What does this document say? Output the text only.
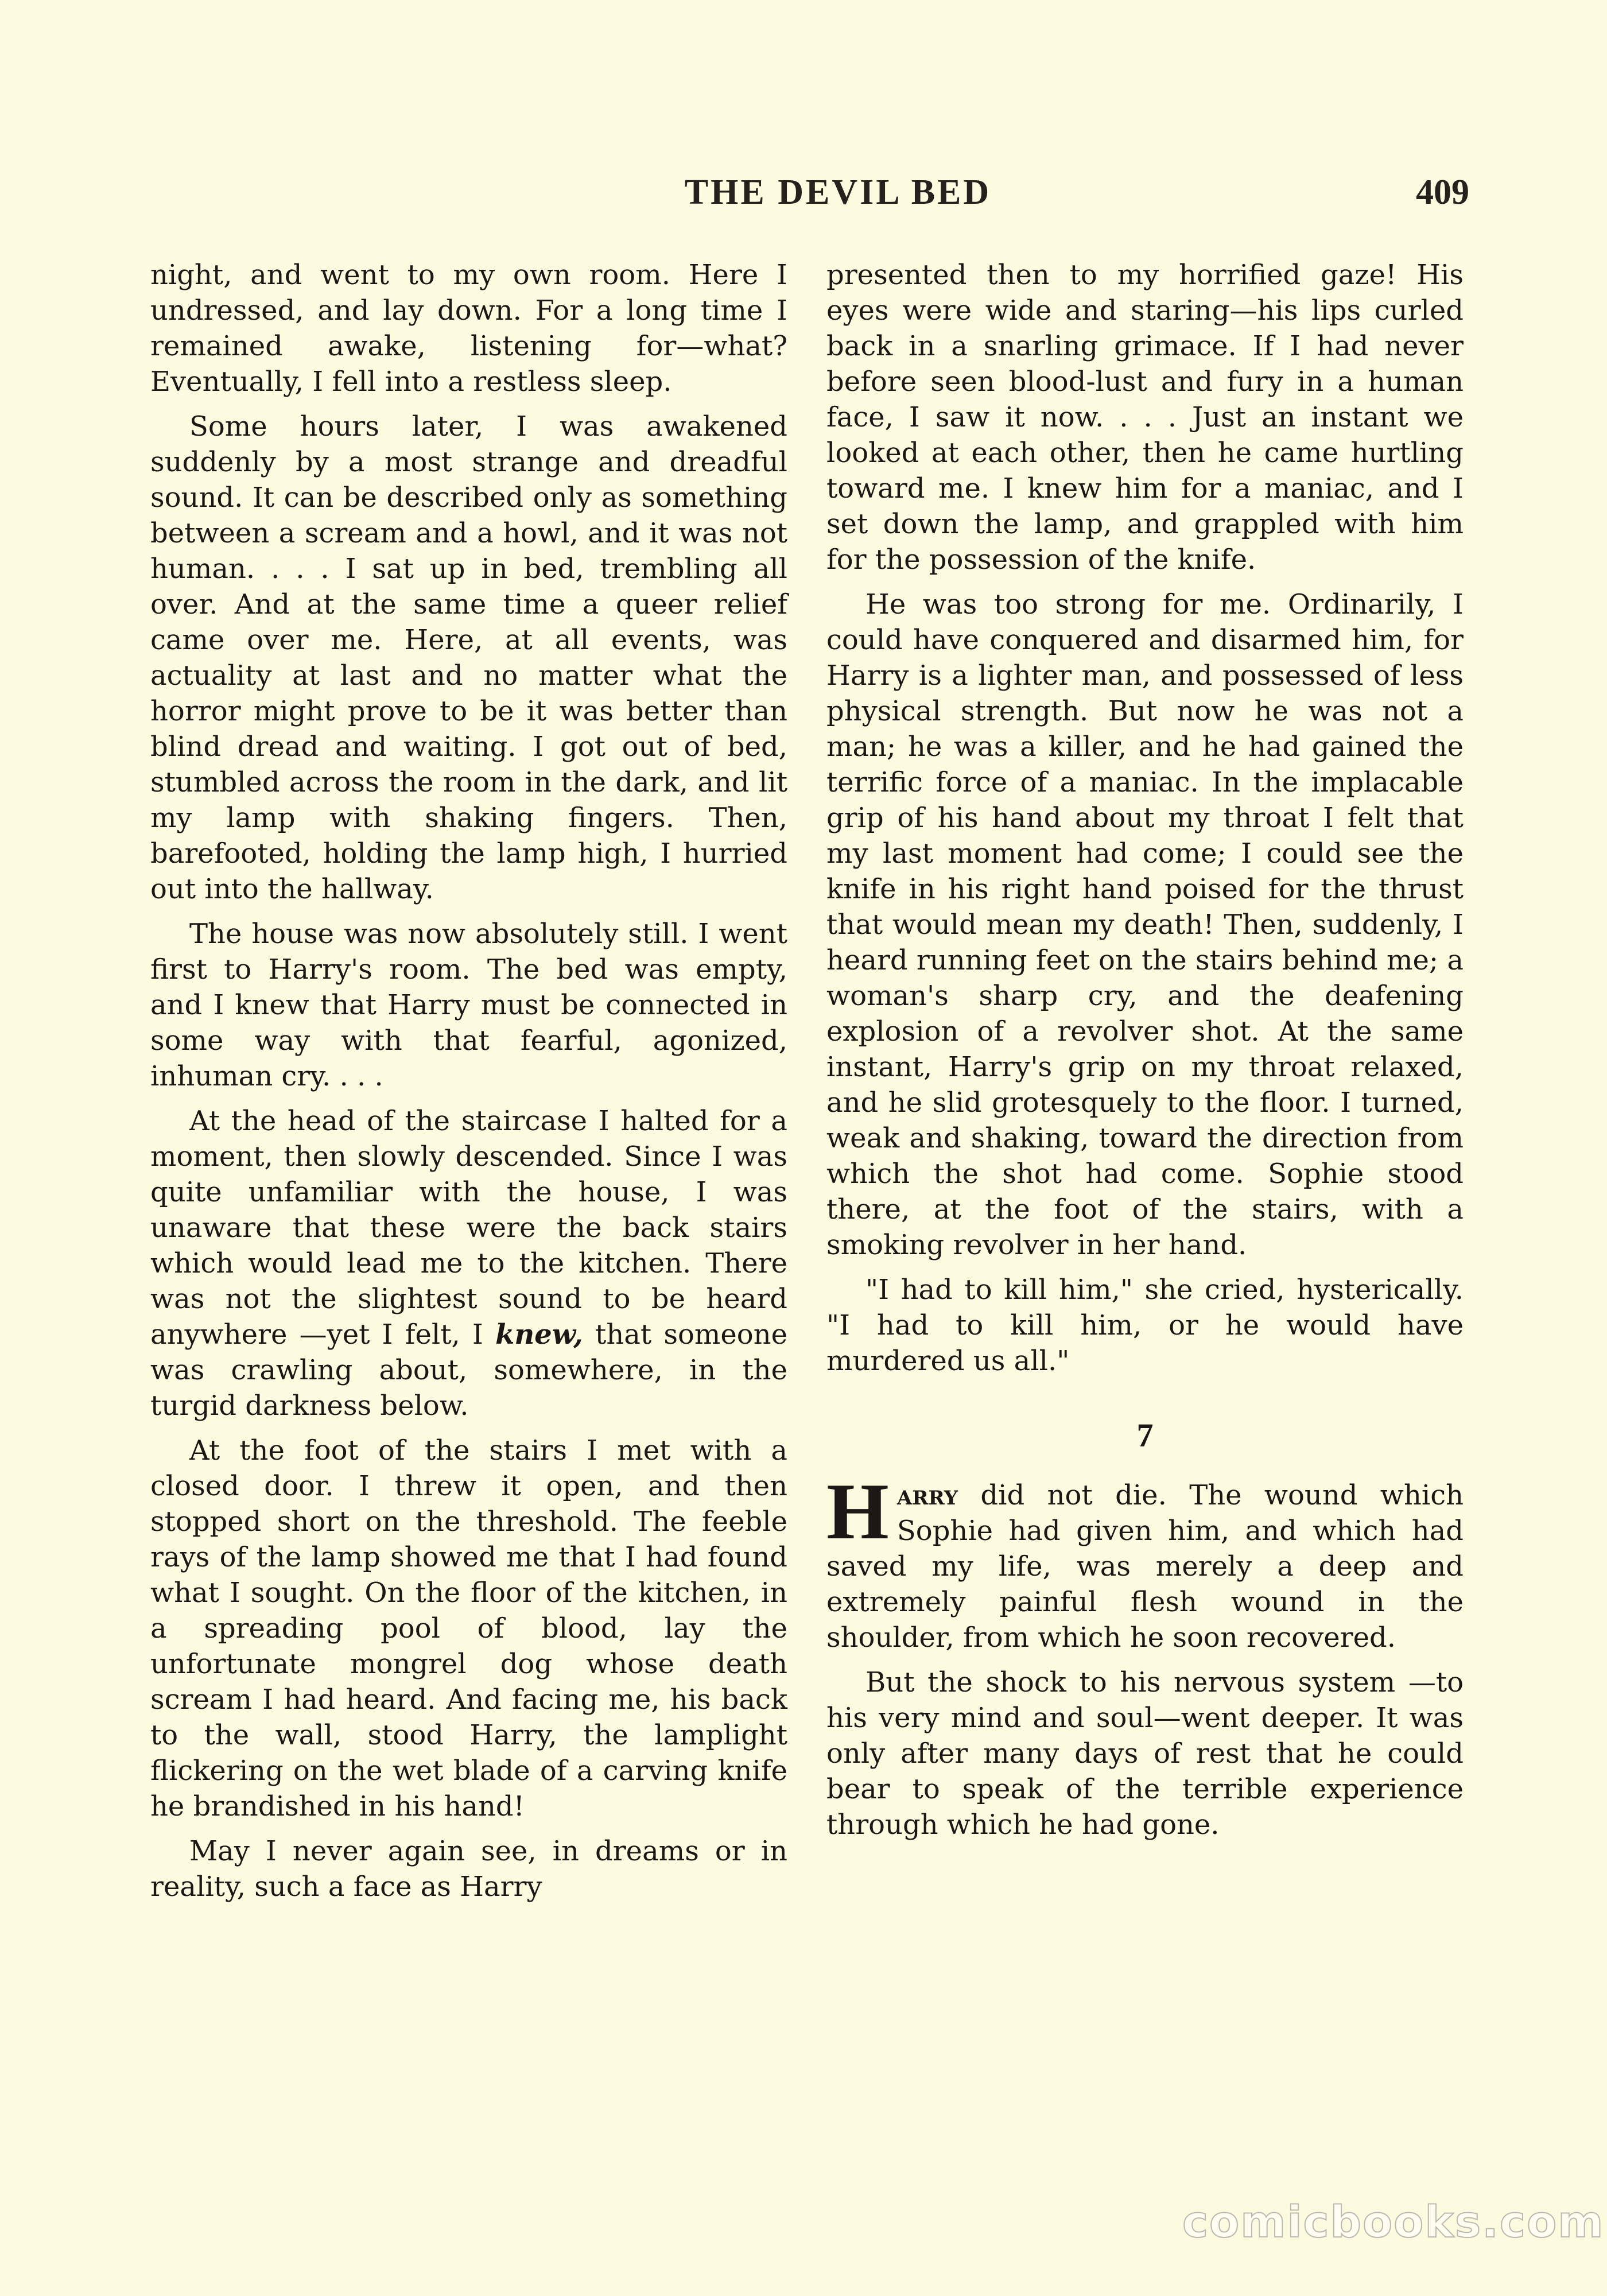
THE DEVIL BED	409

night, and went to my own room. Here I undressed, and lay down. For a long time I remained awake, listening for—what? Eventually, I fell into a restless sleep.

Some hours later, I was awakened suddenly by a most strange and dreadful sound. It can be described only as something between a scream and a howl, and it was not human. . . . I sat up in bed, trembling all over. And at the same time a queer relief came over me. Here, at all events, was actuality at last and no matter what the horror might prove to be it was better than blind dread and waiting. I got out of bed, stumbled across the room in the dark, and lit my lamp with shaking fingers. Then, barefooted, holding the lamp high, I hurried out into the hallway.

The house was now absolutely still. I went first to Harry's room. The bed was empty, and I knew that Harry must be connected in some way with that fearful, agonized, inhuman cry. . . .

At the head of the staircase I halted for a moment, then slowly descended. Since I was quite unfamiliar with the house, I was unaware that these were the back stairs which would lead me to the kitchen. There was not the slightest sound to be heard anywhere —yet I felt, I knew, that someone was crawling about, somewhere, in the turgid darkness below.

At the foot of the stairs I met with a closed door. I threw it open, and then stopped short on the threshold. The feeble rays of the lamp showed me that I had found what I sought. On the floor of the kitchen, in a spreading pool of blood, lay the unfortunate mongrel dog whose death scream I had heard. And facing me, his back to the wall, stood Harry, the lamplight flickering on the wet blade of a carving knife he brandished in his hand!

May I never again see, in dreams or in reality, such a face as Harry

presented then to my horrified gaze! His eyes were wide and staring—his lips curled back in a snarling grimace. If I had never before seen blood-lust and fury in a human face, I saw it now. . . . Just an instant we looked at each other, then he came hurtling toward me. I knew him for a maniac, and I set down the lamp, and grappled with him for the possession of the knife.

He was too strong for me. Ordinarily, I could have conquered and disarmed him, for Harry is a lighter man, and possessed of less physical strength. But now he was not a man; he was a killer, and he had gained the terrific force of a maniac. In the implacable grip of his hand about my throat I felt that my last moment had come; I could see the knife in his right hand poised for the thrust that would mean my death! Then, suddenly, I heard running feet on the stairs behind me; a woman's sharp cry, and the deafening explosion of a revolver shot. At the same instant, Harry's grip on my throat relaxed, and he slid grotesquely to the floor. I turned, weak and shaking, toward the direction from which the shot had come. Sophie stood there, at the foot of the stairs, with a smoking revolver in her hand.

"I had to kill him," she cried, hysterically. "I had to kill him, or he would have murdered us all."

7

Harry did not die. The wound which Sophie had given him, and which had saved my life, was merely a deep and extremely painful flesh wound in the shoulder, from which he soon recovered.

But the shock to his nervous system —to his very mind and soul—went deeper. It was only after many days of rest that he could bear to speak of the terrible experience through which he had gone.

comicbooks.com
